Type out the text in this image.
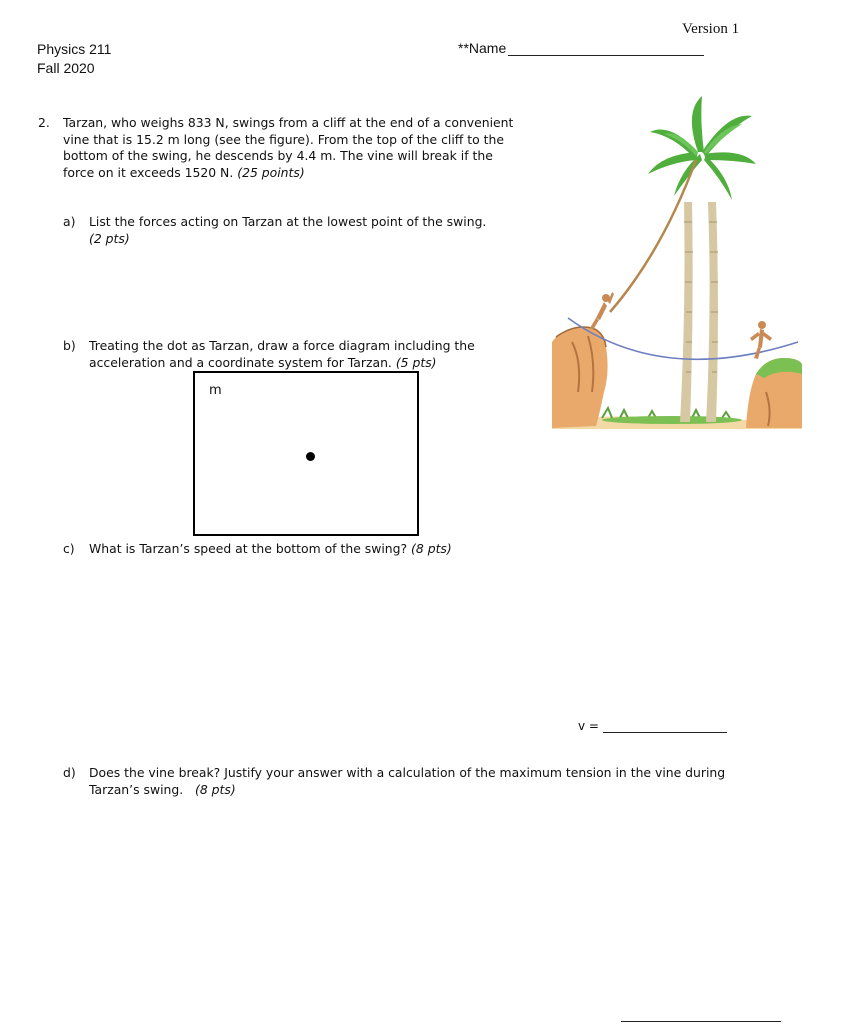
Version 1
Physics 211
Fall 2020
**Name
2. Tarzan, who weighs 833 N, swings from a cliff at the end of a convenient vine that is 15.2 m long (see the figure). From the top of the cliff to the bottom of the swing, he descends by 4.4 m. The vine will break if the force on it exceeds 1520 N. (25 points)
a) List the forces acting on Tarzan at the lowest point of the swing.
(2 pts)
b) Treating the dot as Tarzan, draw a force diagram including the acceleration and a coordinate system for Tarzan. (5 pts)
m
c) What is Tarzan’s speed at the bottom of the swing? (8 pts)
v =
d) Does the vine break? Justify your answer with a calculation of the maximum tension in the vine during Tarzan’s swing. (8 pts)
